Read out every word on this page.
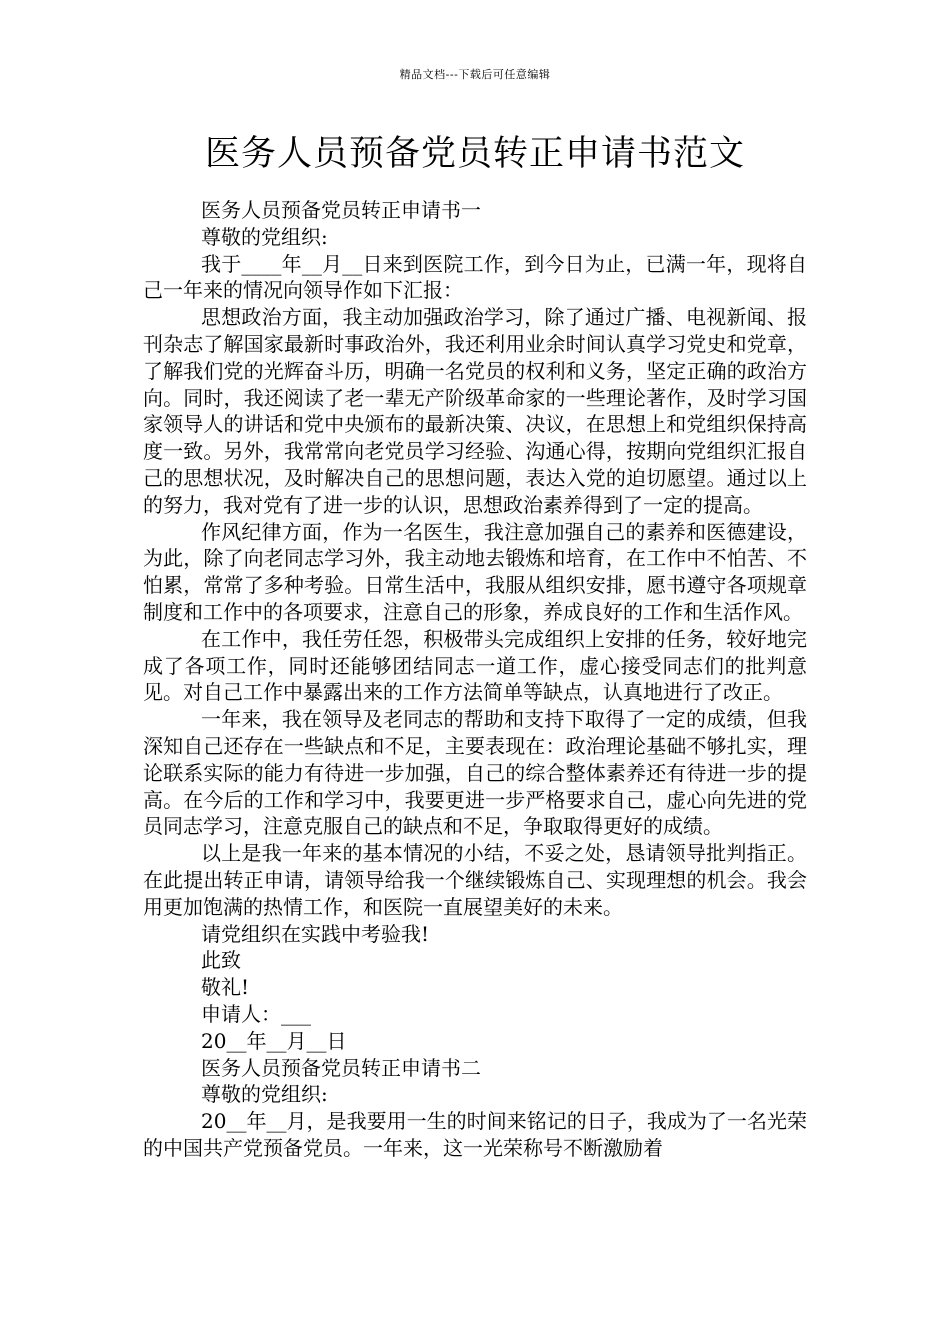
精品文档---下载后可任意编辑
医务人员预备党员转正申请书范文

医务人员预备党员转正申请书一

尊敬的党组织:

我于____年__月__日来到医院工作，到今日为止，已满一年，现将自己一年来的情况向领导作如下汇报：

思想政治方面，我主动加强政治学习，除了通过广播、电视新闻、报刊杂志了解国家最新时事政治外，我还利用业余时间认真学习党史和党章，了解我们党的光辉奋斗历，明确一名党员的权利和义务，坚定正确的政治方向。同时，我还阅读了老一辈无产阶级革命家的一些理论著作，及时学习国家领导人的讲话和党中央颁布的最新决策、决议，在思想上和党组织保持高度一致。另外，我常常向老党员学习经验、沟通心得，按期向党组织汇报自己的思想状况，及时解决自己的思想问题，表达入党的迫切愿望。通过以上的努力，我对党有了进一步的认识，思想政治素养得到了一定的提高。

作风纪律方面，作为一名医生，我注意加强自己的素养和医德建设，为此，除了向老同志学习外，我主动地去锻炼和培育，在工作中不怕苦、不怕累，常常了多种考验。日常生活中，我服从组织安排，愿书遵守各项规章制度和工作中的各项要求，注意自己的形象，养成良好的工作和生活作风。

在工作中，我任劳任怨，积极带头完成组织上安排的任务，较好地完成了各项工作，同时还能够团结同志一道工作，虚心接受同志们的批判意见。对自己工作中暴露出来的工作方法简单等缺点，认真地进行了改正。

一年来，我在领导及老同志的帮助和支持下取得了一定的成绩，但我深知自己还存在一些缺点和不足，主要表现在：政治理论基础不够扎实，理论联系实际的能力有待进一步加强，自己的综合整体素养还有待进一步的提高。在今后的工作和学习中，我要更进一步严格要求自己，虚心向先进的党员同志学习，注意克服自己的缺点和不足，争取取得更好的成绩。

以上是我一年来的基本情况的小结，不妥之处，恳请领导批判指正。在此提出转正申请，请领导给我一个继续锻炼自己、实现理想的机会。我会用更加饱满的热情工作，和医院一直展望美好的未来。

请党组织在实践中考验我!

此致

敬礼!

申请人：___

20__年__月__日

医务人员预备党员转正申请书二

尊敬的党组织:

20__年__月，是我要用一生的时间来铭记的日子，我成为了一名光荣的中国共产党预备党员。一年来，这一光荣称号不断激励着
